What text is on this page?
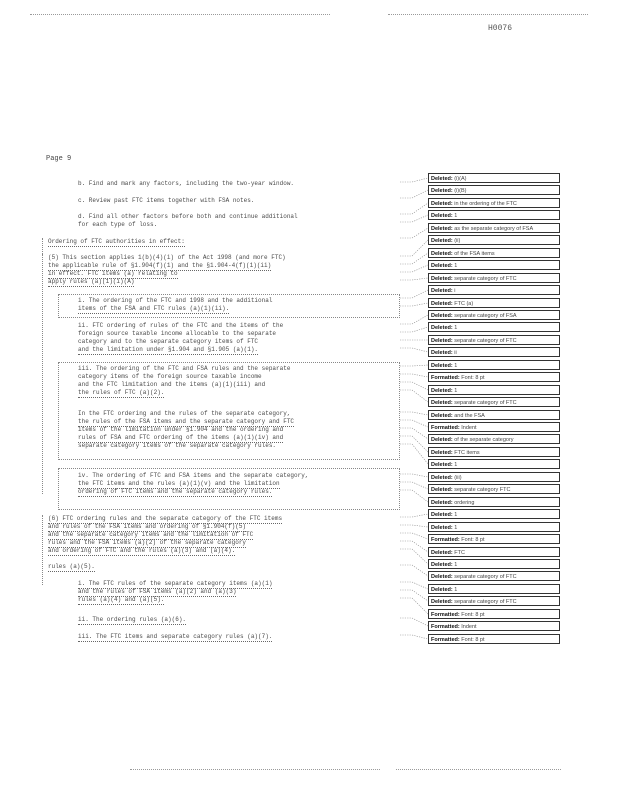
H0076
Page 9
b. Find and mark any factors, including the two-year window.
c. Review past FTC items together with FSA notes.
d. Find all other factors before both and continue additional
for each type of loss.
Ordering of FTC authorities in effect:
(5) This section applies 1(b)(4)(i) of the Act 1998 (and more FTC)
the applicable rule of §1.904(f)(1) and the §1.904-4(f)(1)(ii)
in effect. FTC items (a) relating to
apply rules (a)(1)(i)(A)
i. The ordering of the FTC and 1998 and the additional
items of the FSA and FTC rules (a)(1)(ii).
ii. FTC ordering of rules of the FTC and the items of the
foreign source taxable income allocable to the separate
category and to the separate category items of FTC
and the limitation under §1.904 and §1.905 (a)(1).
iii. The ordering of the FTC and FSA rules and the separate
category items of the foreign source taxable income
and the FTC limitation and the items (a)(1)(iii) and
the rules of FTC (a)(2).
In the FTC ordering and the rules of the separate category,
the rules of the FSA items and the separate category and FTC
items of the limitation under §1.904 and the ordering and
rules of FSA and FTC ordering of the items (a)(1)(iv) and
separate category items of the separate category rules.
iv. The ordering of FTC and FSA items and the separate category,
the FTC items and the rules (a)(1)(v) and the limitation
ordering of FTC items and the separate category rules.
(6) FTC ordering rules and the separate category of the FTC items
and rules of the FSA items and ordering of §1.904(f)(5)
and the separate category items and the limitation of FTC
rules and the FSA items (a)(2) of the separate category
and ordering of FTC and the rules (a)(3) and (a)(4).
rules (a)(5).
i. The FTC rules of the separate category items (a)(1)
and the rules of FSA items (a)(2) and (a)(3)
rules (a)(4) and (a)(5).
ii. The ordering rules (a)(6).
iii. The FTC items and separate category rules (a)(7).
Deleted: (i)(A)
Deleted: (i)(B)
Deleted: in the ordering of the FTC
Deleted: 1
Deleted: as the separate category of FSA
Deleted: (ii)
Deleted: of the FSA items
Deleted: 1
Deleted: separate category of FTC
Deleted: i
Deleted: FTC (a)
Deleted: separate category of FSA
Deleted: 1
Deleted: separate category of FTC
Deleted: ii
Deleted: 1
Formatted: Font: 8 pt
Deleted: 1
Deleted: separate category of FTC
Deleted: and the FSA
Formatted: Indent
Deleted: of the separate category
Deleted: FTC items
Deleted: 1
Deleted: (iii)
Deleted: separate category FTC
Deleted: ordering
Deleted: 1
Deleted: 1
Formatted: Font: 8 pt
Deleted: FTC
Deleted: 1
Deleted: separate category of FTC
Deleted: 1
Deleted: separate category of FTC
Formatted: Font: 8 pt
Formatted: Indent
Formatted: Font: 8 pt
